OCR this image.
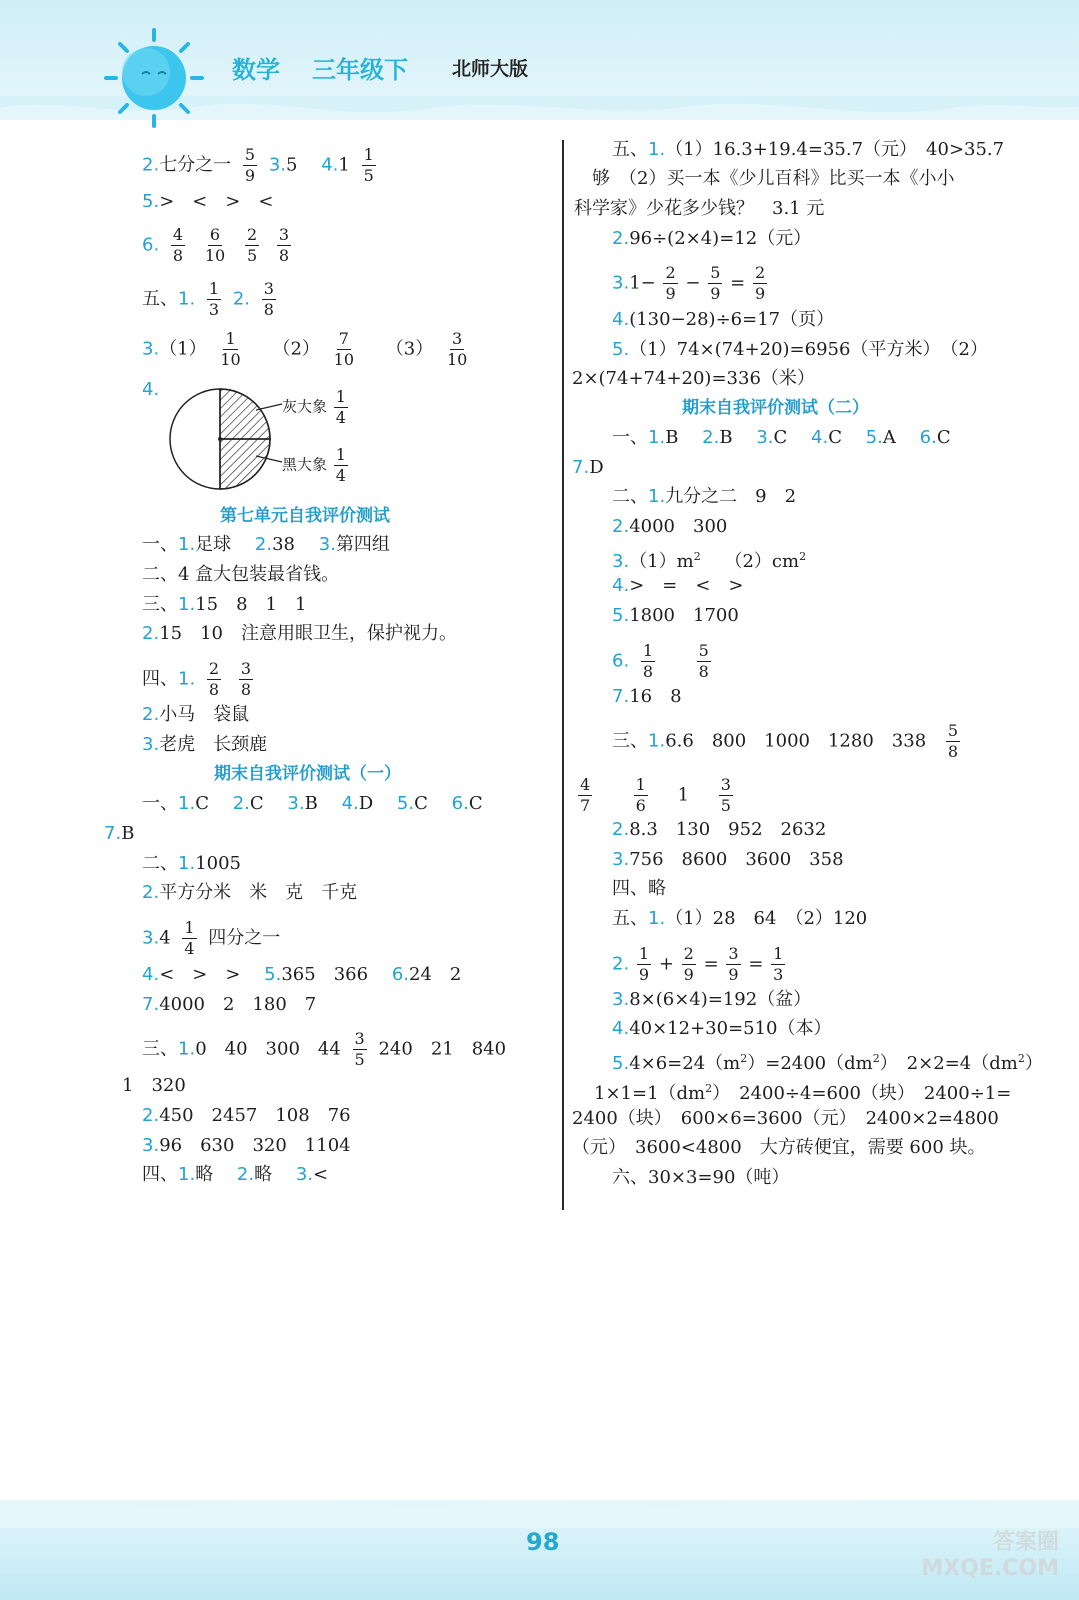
数学 三年级下 北师大版
2.七分之一 $\frac{5}{9} 3.5$ $4.1 \frac{1}{5}$
5.>　<　>　<
6. $\frac{4}{8}$
$\frac{6}{10}$
$\frac{2}{5}$
$\frac{3}{8}$
五、1. $\frac{1}{3} 2$. $\frac{3}{8}$
$3.(1) \frac{1}{10} (2) \frac{7}{10} (3) \frac{3}{10}$
4.
灰大象 $\frac{1}{4}$
黑大象 $\frac{1}{4}$
第七单元自我评价测试
一、1.足球 2.38 3.第四组
二、4 盒大包装最省钱。
三、1.15　8　1　1
2.15　10　注意用眼卫生，保护视力。
四、1. $\frac{2}{8}$
$\frac{3}{8}$
2.小马　袋鼠
3.老虎　长颈鹿
期末自我评价测试（一）
一、1.C 2.C 3.B 4.D 5.C 6.C
7.B
二、1.1005
2.平方分米　米　克　千克
$3.4 \frac{1}{4}$ 四分之一
4.<　>　> 5.365　366 6.24　2
7.4000　2　180　7
三、1.0　40　300　$44 \frac{3}{5} 240$　21　840
1　320
2.450　2457　108　76
3.96　630　320　1104
四、1.略 2.略 3.<
五、1.（1）16.3+19.4=35.7（元）　40>35.7
够　（2）买一本《少儿百科》比买一本《小小
科学家》少花多少钱？　3.1 元
2.96÷(2×4)=12（元）
$3.1- \frac{2}{9} - \frac{5}{9} = \frac{2}{9}$
4.(130−28)÷6=17（页）
5.（1）74×(74+20)=6956（平方米）　（2）
2×(74+74+20)=336（米）
期末自我评价测试（二）
一、1.B 2.B 3.C 4.C 5.A 6.C
7.D
二、1.九分之二　9　2
2.4000　300
$3.(1)m^2$ $(2)cm^2$
4.>　=　<　>
5.1800　1700
6. $\frac{1}{8}$
	$\frac{5}{8}$
7.16　8
三、1.6.6　800　1000　1280　$338 \frac{5}{8}$
$\frac{4}{7}$
	$\frac{1}{6} 1 \frac{3}{5}$
2.8.3　130　952　2632
3.756　8600　3600　358
四、略
五、1.（1）28　64　（2）120
2. $\frac{1}{9} + \frac{2}{9} = \frac{3}{9} = \frac{1}{3}$
3.8×(6×4)=192（盆）
4.40×12+30=510（本）
$5.4\times 6=24(m^2)=2400(dm^2)$　$2\times 2=4(dm^2)$
$1\times 1=1(dm^2)$　2400÷4=600（块）　2400÷1=
2400（块）　600×6=3600（元）　2400×2=4800
（元）　3600<4800　大方砖便宜，需要 600 块。
六、30×3=90（吨）
98	答案圈
MXQE.COM
